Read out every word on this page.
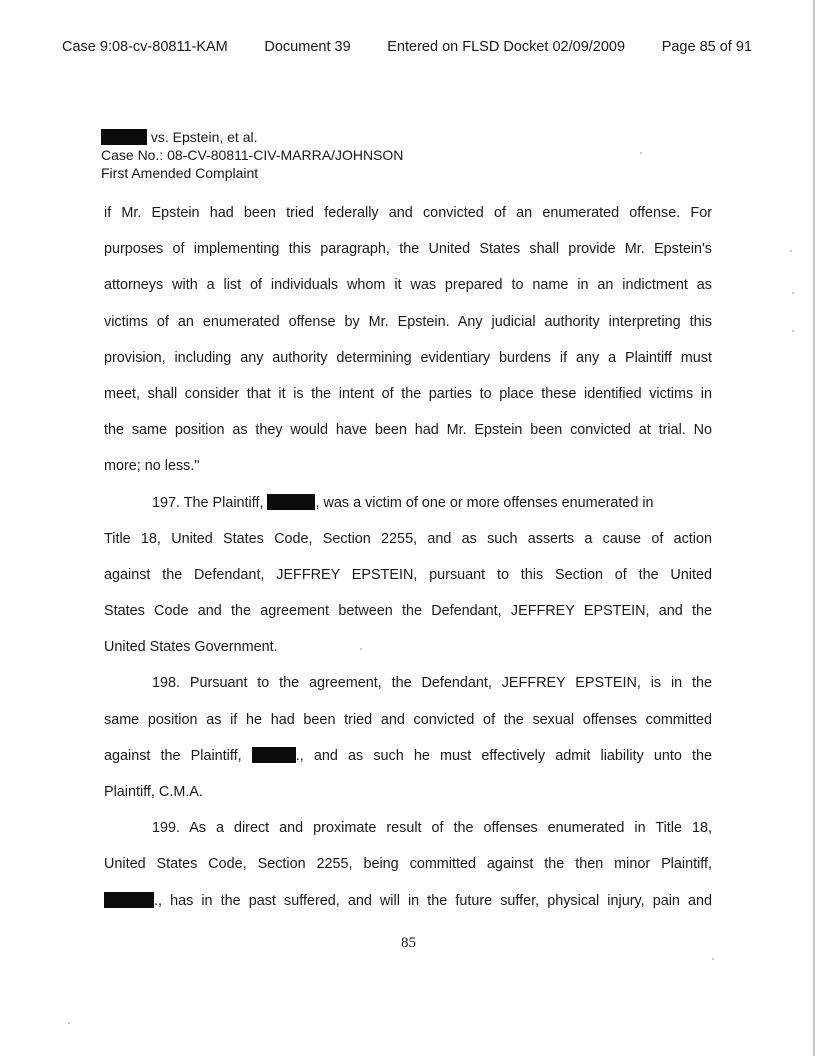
Case 9:08-cv-80811-KAM	Document 39	Entered on FLSD Docket 02/09/2009	Page 85 of 91
vs. Epstein, et al.
Case No.: 08-CV-80811-CIV-MARRA/JOHNSON
First Amended Complaint
if Mr. Epstein had been tried federally and convicted of an enumerated offense. For
purposes of implementing this paragraph, the United States shall provide Mr. Epstein's
attorneys with a list of individuals whom it was prepared to name in an indictment as
victims of an enumerated offense by Mr. Epstein. Any judicial authority interpreting this
provision, including any authority determining evidentiary burdens if any a Plaintiff must
meet, shall consider that it is the intent of the parties to place these identified victims in
the same position as they would have been had Mr. Epstein been convicted at trial. No
more; no less."
197. The Plaintiff,	, was a victim of one or more offenses enumerated in
Title 18, United States Code, Section 2255, and as such asserts a cause of action
against the Defendant, JEFFREY EPSTEIN, pursuant to this Section of the United
States Code and the agreement between the Defendant, JEFFREY EPSTEIN, and the
United States Government.
198. Pursuant to the agreement, the Defendant, JEFFREY EPSTEIN, is in the
same position as if he had been tried and convicted of the sexual offenses committed
against the Plaintiff,	., and as such he must effectively admit liability unto the
Plaintiff, C.M.A.
199. As a direct and proximate result of the offenses enumerated in Title 18,
United States Code, Section 2255, being committed against the then minor Plaintiff,
., has in the past suffered, and will in the future suffer, physical injury, pain and
85
